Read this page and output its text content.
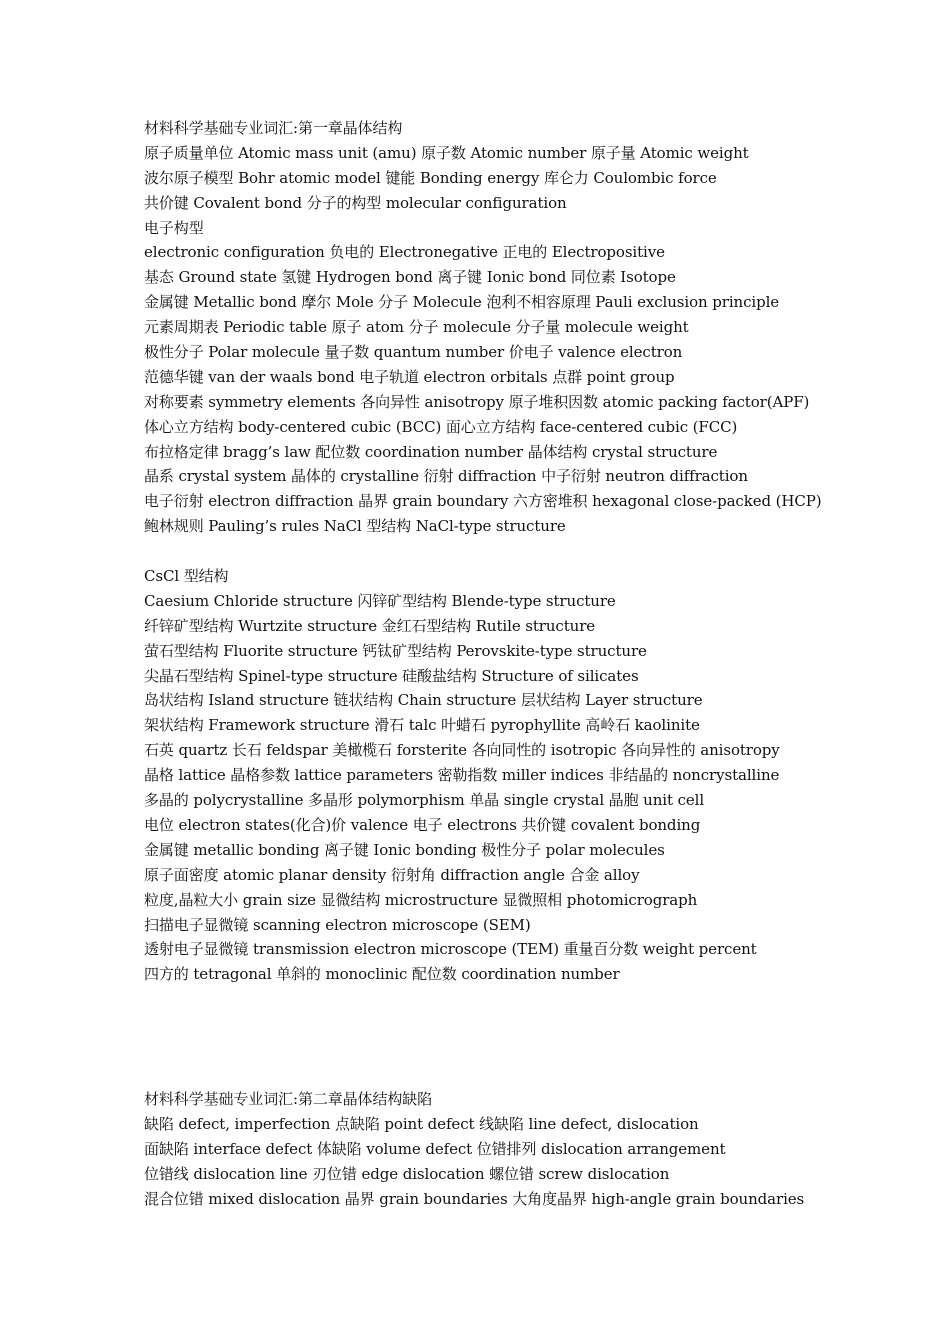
材料科学基础专业词汇:第一章晶体结构
原子质量单位 Atomic mass unit (amu) 原子数 Atomic number 原子量 Atomic weight
波尔原子模型 Bohr atomic model 键能 Bonding energy 库仑力 Coulombic force
共价键 Covalent bond 分子的构型 molecular configuration
电子构型
electronic configuration 负电的 Electronegative 正电的 Electropositive
基态 Ground state 氢键 Hydrogen bond 离子键 Ionic bond 同位素 Isotope
金属键 Metallic bond 摩尔 Mole 分子 Molecule 泡利不相容原理 Pauli exclusion principle
元素周期表 Periodic table 原子 atom 分子 molecule 分子量 molecule weight
极性分子 Polar molecule 量子数 quantum number 价电子 valence electron
范德华键 van der waals bond 电子轨道 electron orbitals 点群 point group
对称要素 symmetry elements 各向异性 anisotropy 原子堆积因数 atomic packing factor(APF)
体心立方结构 body-centered cubic (BCC) 面心立方结构 face-centered cubic (FCC)
布拉格定律 bragg’s law 配位数 coordination number 晶体结构 crystal structure
晶系 crystal system 晶体的 crystalline 衍射 diffraction 中子衍射 neutron diffraction
电子衍射 electron diffraction 晶界 grain boundary 六方密堆积 hexagonal close-packed (HCP)
鲍林规则 Pauling’s rules NaCl 型结构 NaCl-type structure
CsCl 型结构
Caesium Chloride structure 闪锌矿型结构 Blende-type structure
纤锌矿型结构 Wurtzite structure 金红石型结构 Rutile structure
萤石型结构 Fluorite structure 钙钛矿型结构 Perovskite-type structure
尖晶石型结构 Spinel-type structure 硅酸盐结构 Structure of silicates
岛状结构 Island structure 链状结构 Chain structure 层状结构 Layer structure
架状结构 Framework structure 滑石 talc 叶蜡石 pyrophyllite 高岭石 kaolinite
石英 quartz 长石 feldspar 美橄榄石 forsterite 各向同性的 isotropic 各向异性的 anisotropy
晶格 lattice 晶格参数 lattice parameters 密勒指数 miller indices 非结晶的 noncrystalline
多晶的 polycrystalline 多晶形 polymorphism 单晶 single crystal 晶胞 unit cell
电位 electron states(化合)价 valence 电子 electrons 共价键 covalent bonding
金属键 metallic bonding 离子键 Ionic bonding 极性分子 polar molecules
原子面密度 atomic planar density 衍射角 diffraction angle 合金 alloy
粒度,晶粒大小 grain size 显微结构 microstructure 显微照相 photomicrograph
扫描电子显微镜 scanning electron microscope (SEM)
透射电子显微镜 transmission electron microscope (TEM) 重量百分数 weight percent
四方的 tetragonal 单斜的 monoclinic 配位数 coordination number
材料科学基础专业词汇:第二章晶体结构缺陷
缺陷 defect, imperfection 点缺陷 point defect 线缺陷 line defect, dislocation
面缺陷 interface defect 体缺陷 volume defect 位错排列 dislocation arrangement
位错线 dislocation line 刃位错 edge dislocation 螺位错 screw dislocation
混合位错 mixed dislocation 晶界 grain boundaries 大角度晶界 high-angle grain boundaries
